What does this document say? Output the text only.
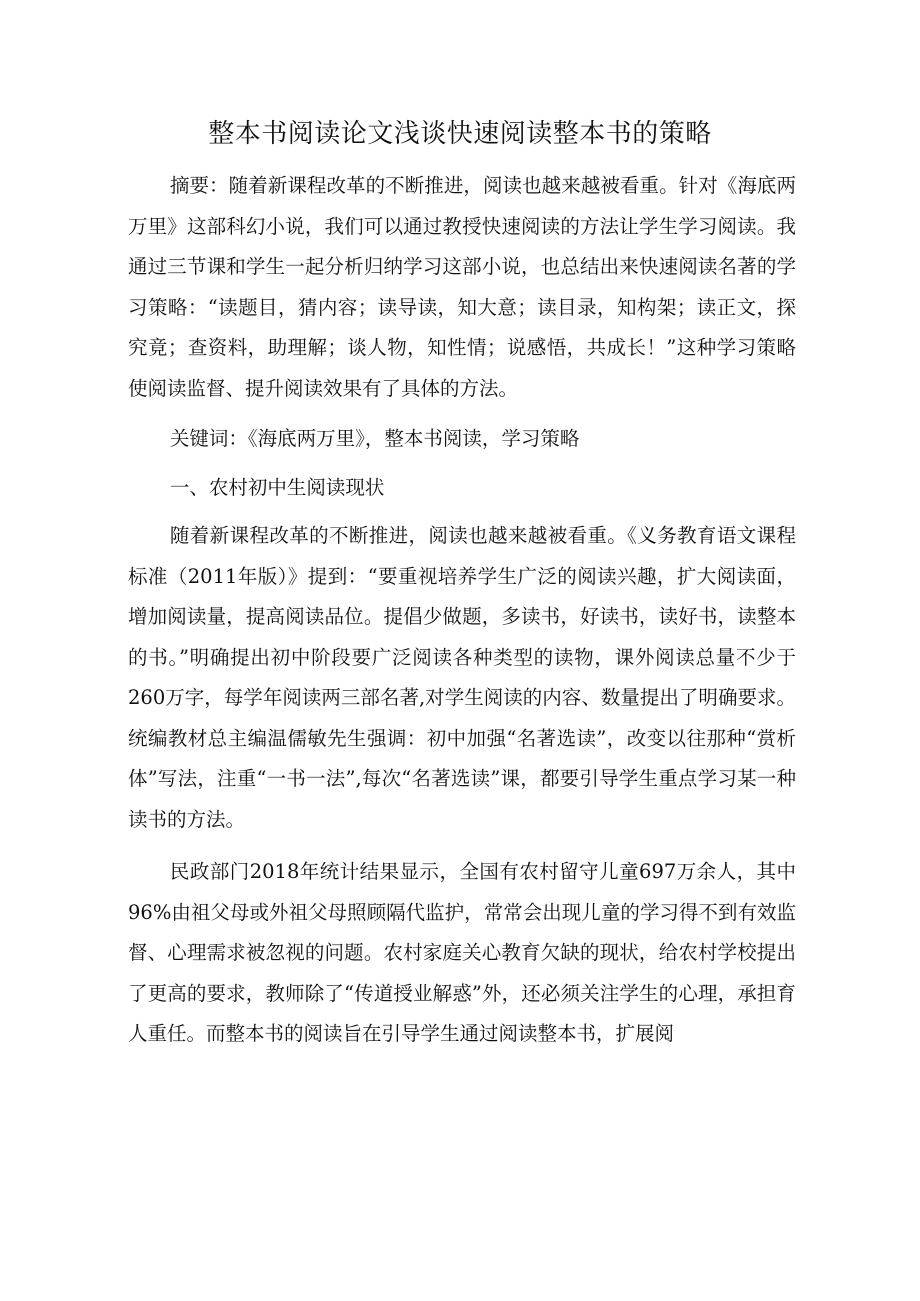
整本书阅读论文浅谈快速阅读整本书的策略

摘要：随着新课程改革的不断推进，阅读也越来越被看重。针对《海底两万里》这部科幻小说，我们可以通过教授快速阅读的方法让学生学习阅读。我通过三节课和学生一起分析归纳学习这部小说，也总结出来快速阅读名著的学习策略：“读题目，猜内容；读导读，知大意；读目录，知构架；读正文，探究竟；查资料，助理解；谈人物，知性情；说感悟，共成长！”这种学习策略使阅读监督、提升阅读效果有了具体的方法。

关键词：《海底两万里》，整本书阅读，学习策略

一、农村初中生阅读现状

随着新课程改革的不断推进，阅读也越来越被看重。《义务教育语文课程标准（2011年版）》提到：“要重视培养学生广泛的阅读兴趣，扩大阅读面，增加阅读量，提高阅读品位。提倡少做题，多读书，好读书，读好书，读整本的书。”明确提出初中阶段要广泛阅读各种类型的读物，课外阅读总量不少于260万字，每学年阅读两三部名著,对学生阅读的内容、数量提出了明确要求。统编教材总主编温儒敏先生强调：初中加强“名著选读”，改变以往那种“赏析体”写法，注重“一书一法”,每次“名著选读”课，都要引导学生重点学习某一种读书的方法。

民政部门2018年统计结果显示，全国有农村留守儿童697万余人，其中96%由祖父母或外祖父母照顾隔代监护，常常会出现儿童的学习得不到有效监督、心理需求被忽视的问题。农村家庭关心教育欠缺的现状，给农村学校提出了更高的要求，教师除了“传道授业解惑”外，还必须关注学生的心理，承担育人重任。而整本书的阅读旨在引导学生通过阅读整本书，扩展阅
